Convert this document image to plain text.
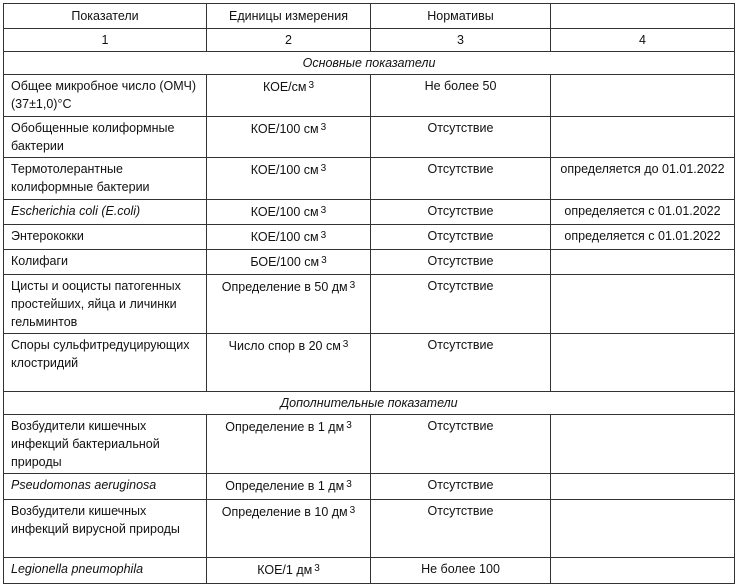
Показатели	Единицы измерения	Нормативы	
1	2	3	4
Основные показатели			
Общее микробное число (ОМЧ) (37±1,0)°С	КОЕ/см $^3$	Не более 50	
Обобщенные колиформные бактерии	КОЕ/100 см $^3$	Отсутствие	
Термотолерантные колиформные бактерии	КОЕ/100 см $^3$	Отсутствие	определяется до 01.01.2022
Escherichia coli (E.coli)	КОЕ/100 см $^3$	Отсутствие	определяется с 01.01.2022
Энтерококки	КОЕ/100 см $^3$	Отсутствие	определяется с 01.01.2022
Колифаги	БОЕ/100 см $^3$	Отсутствие	
Цисты и ооцисты патогенных простейших, яйца и личинки гельминтов	Определение в 50 дм $^3$	Отсутствие	
Споры сульфитредуцирующих клостридий	Число спор в 20 см $^3$	Отсутствие	
Дополнительные показатели			
Возбудители кишечных инфекций бактериальной природы	Определение в 1 дм $^3$	Отсутствие	
Pseudomonas aeruginosa	Определение в 1 дм $^3$	Отсутствие	
Возбудители кишечных инфекций вирусной природы	Определение в 10 дм $^3$	Отсутствие	
Legionella pneumophila	КОЕ/1 дм $^3$	Не более 100	
